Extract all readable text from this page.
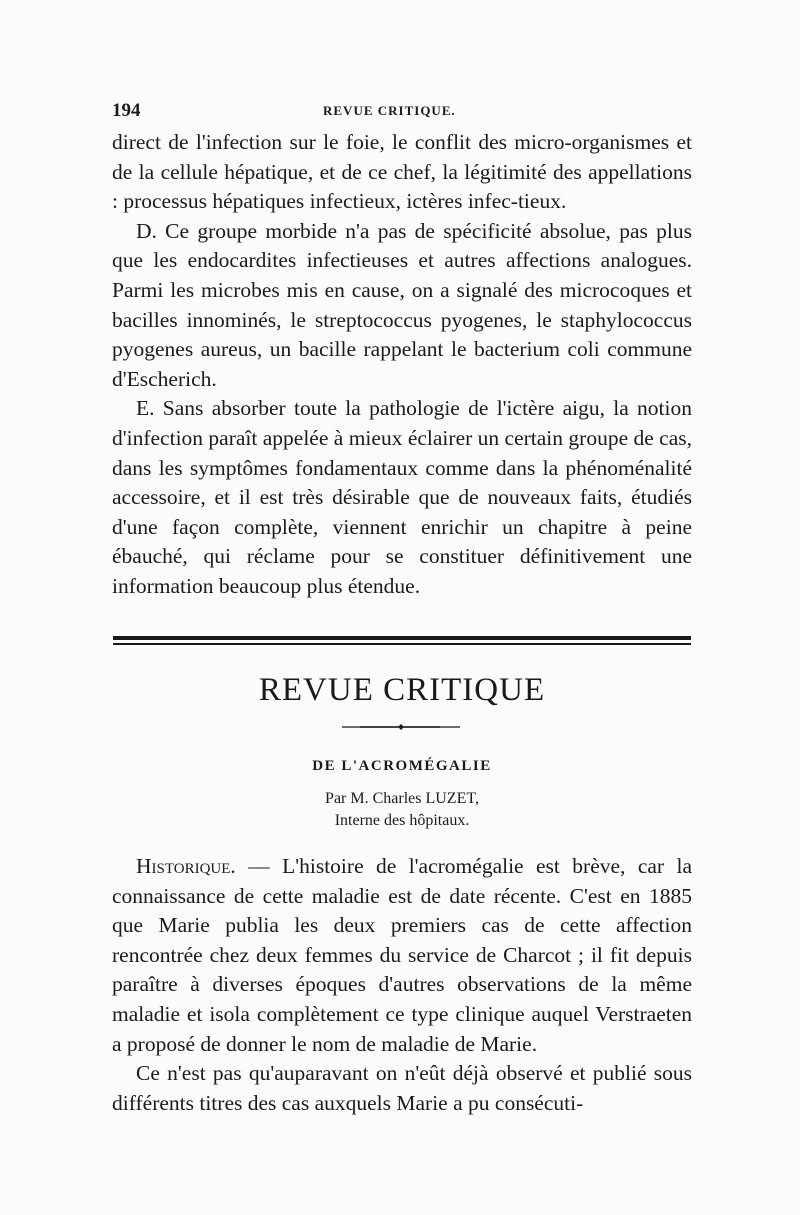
194	REVUE CRITIQUE.

direct de l'infection sur le foie, le conflit des micro-organismes et de la cellule hépatique, et de ce chef, la légitimité des appellations : processus hépatiques infectieux, ictères infec-tieux.

D. Ce groupe morbide n'a pas de spécificité absolue, pas plus que les endocardites infectieuses et autres affections analogues. Parmi les microbes mis en cause, on a signalé des microcoques et bacilles innominés, le streptococcus pyogenes, le staphylococcus pyogenes aureus, un bacille rappelant le bacterium coli commune d'Escherich.

E. Sans absorber toute la pathologie de l'ictère aigu, la notion d'infection paraît appelée à mieux éclairer un certain groupe de cas, dans les symptômes fondamentaux comme dans la phénoménalité accessoire, et il est très désirable que de nouveaux faits, étudiés d'une façon complète, viennent enrichir un chapitre à peine ébauché, qui réclame pour se constituer définitivement une information beaucoup plus étendue.

REVUE CRITIQUE
DE L'ACROMÉGALIE
Par M. Charles LUZET,
Interne des hôpitaux.

Historique. — L'histoire de l'acromégalie est brève, car la connaissance de cette maladie est de date récente. C'est en 1885 que Marie publia les deux premiers cas de cette affection rencontrée chez deux femmes du service de Charcot ; il fit depuis paraître à diverses époques d'autres observations de la même maladie et isola complètement ce type clinique auquel Verstraeten a proposé de donner le nom de maladie de Marie.

Ce n'est pas qu'auparavant on n'eût déjà observé et publié sous différents titres des cas auxquels Marie a pu consécuti-
